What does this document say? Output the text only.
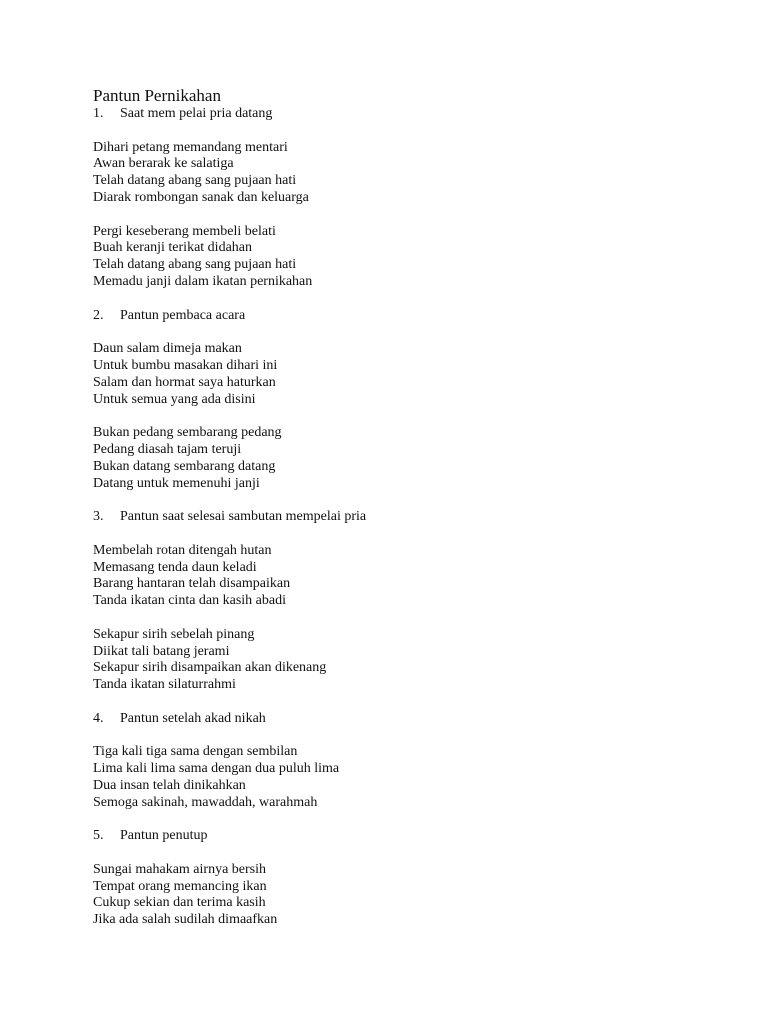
Pantun Pernikahan
1.	Saat mem pelai pria datang
Dihari petang memandang mentari
Awan berarak ke salatiga
Telah datang abang sang pujaan hati
Diarak rombongan sanak dan keluarga
Pergi keseberang membeli belati
Buah keranji terikat didahan
Telah datang abang sang pujaan hati
Memadu janji dalam ikatan pernikahan
2.	Pantun pembaca acara
Daun salam dimeja makan
Untuk bumbu masakan dihari ini
Salam dan hormat saya haturkan
Untuk semua yang ada disini
Bukan pedang sembarang pedang
Pedang diasah tajam teruji
Bukan datang sembarang datang
Datang untuk memenuhi janji
3.	Pantun saat selesai sambutan mempelai pria
Membelah rotan ditengah hutan
Memasang tenda daun keladi
Barang hantaran telah disampaikan
Tanda ikatan cinta dan kasih abadi
Sekapur sirih sebelah pinang
Diikat tali batang jerami
Sekapur sirih disampaikan akan dikenang
Tanda ikatan silaturrahmi
4.	Pantun setelah akad nikah
Tiga kali tiga sama dengan sembilan
Lima kali lima sama dengan dua puluh lima
Dua insan telah dinikahkan
Semoga sakinah, mawaddah, warahmah
5.	Pantun penutup
Sungai mahakam airnya bersih
Tempat orang memancing ikan
Cukup sekian dan terima kasih
Jika ada salah sudilah dimaafkan
